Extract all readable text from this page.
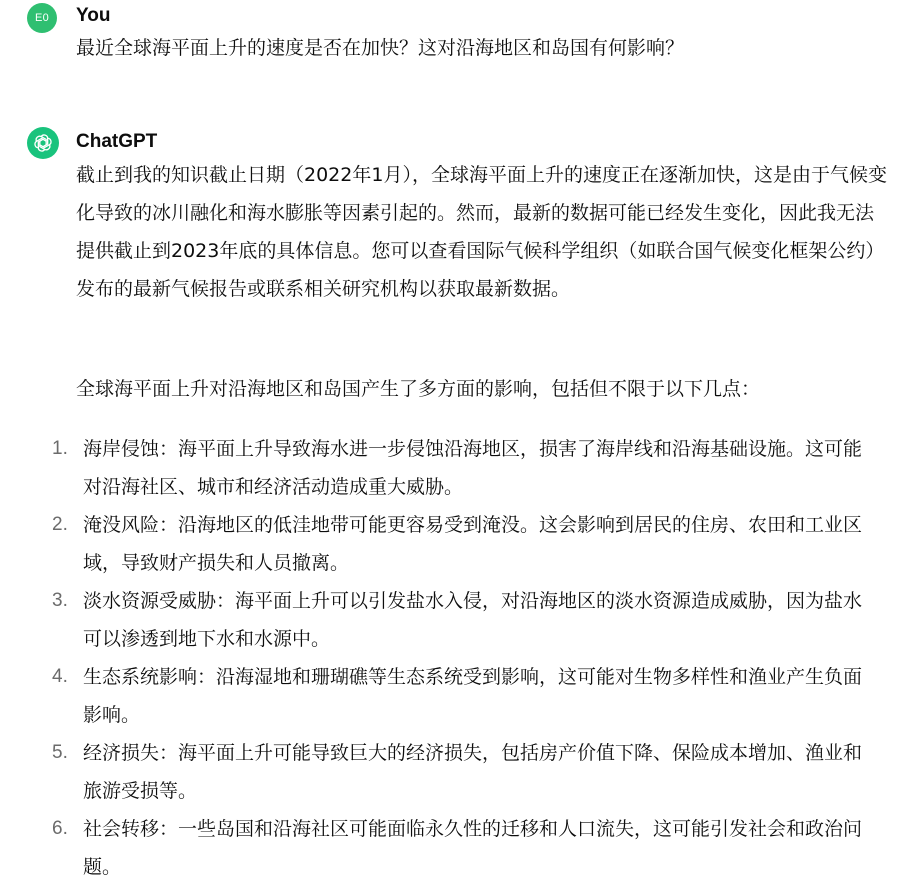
E0 You
最近全球海平面上升的速度是否在加快？这对沿海地区和岛国有何影响？
ChatGPT
截止到我的知识截止日期（2022年1月），全球海平面上升的速度正在逐渐加快，这是由于气候变化导致的冰川融化和海水膨胀等因素引起的。然而，最新的数据可能已经发生变化，因此我无法提供截止到2023年底的具体信息。您可以查看国际气候科学组织（如联合国气候变化框架公约）发布的最新气候报告或联系相关研究机构以获取最新数据。
全球海平面上升对沿海地区和岛国产生了多方面的影响，包括但不限于以下几点：
1. 海岸侵蚀：海平面上升导致海水进一步侵蚀沿海地区，损害了海岸线和沿海基础设施。这可能对沿海社区、城市和经济活动造成重大威胁。
2. 淹没风险：沿海地区的低洼地带可能更容易受到淹没。这会影响到居民的住房、农田和工业区域，导致财产损失和人员撤离。
3. 淡水资源受威胁：海平面上升可以引发盐水入侵，对沿海地区的淡水资源造成威胁，因为盐水可以渗透到地下水和水源中。
4. 生态系统影响：沿海湿地和珊瑚礁等生态系统受到影响，这可能对生物多样性和渔业产生负面影响。
5. 经济损失：海平面上升可能导致巨大的经济损失，包括房产价值下降、保险成本增加、渔业和旅游受损等。
6. 社会转移：一些岛国和沿海社区可能面临永久性的迁移和人口流失，这可能引发社会和政治问题。
